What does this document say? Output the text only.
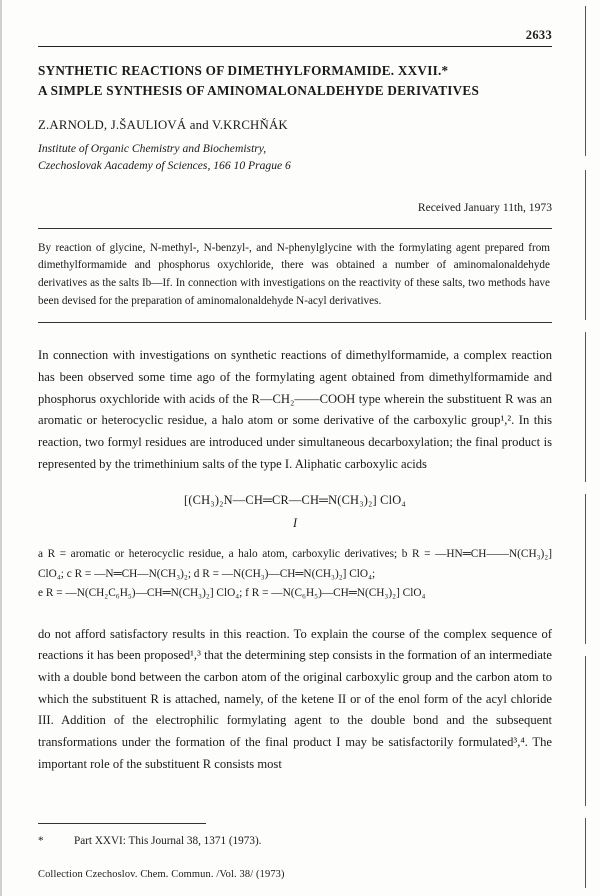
2633
SYNTHETIC REACTIONS OF DIMETHYLFORMAMIDE. XXVII.*
A SIMPLE SYNTHESIS OF AMINOMALONALDEHYDE DERIVATIVES
Z.ARNOLD, J.ŠAULIOVÁ and V.KRCHŇÁK
Institute of Organic Chemistry and Biochemistry,
Czechoslovak Aacademy of Sciences, 166 10 Prague 6
Received January 11th, 1973
By reaction of glycine, N-methyl-, N-benzyl-, and N-phenylglycine with the formylating agent prepared from dimethylformamide and phosphorus oxychloride, there was obtained a number of aminomalonaldehyde derivatives as the salts Ib—If. In connection with investigations on the reactivity of these salts, two methods have been devised for the preparation of aminomalonaldehyde N-acyl derivatives.

In connection with investigations on synthetic reactions of dimethylformamide, a complex reaction has been observed some time ago of the formylating agent obtained from dimethylformamide and phosphorus oxychloride with acids of the R—CH₂——COOH type wherein the substituent R was an aromatic or heterocyclic residue, a halo atom or some derivative of the carboxylic group¹,². In this reaction, two formyl residues are introduced under simultaneous decarboxylation; the final product is represented by the trimethinium salts of the type I. Aliphatic carboxylic acids

[(CH₃)₂N—CH═CR—CH═N(CH₃)₂] ClO₄
I
a R = aromatic or heterocyclic residue, a halo atom, carboxylic derivatives; b R = —HN═CH——N(CH₃)₂] ClO₄; c R = —N═CH—N(CH₃)₂; d R = —N(CH₃)—CH═N(CH₃)₂] ClO₄;
e R = —N(CH₂C₆H₅)—CH═N(CH₃)₂] ClO₄; f R = —N(C₆H₅)—CH═N(CH₃)₂] ClO₄

do not afford satisfactory results in this reaction. To explain the course of the complex sequence of reactions it has been proposed¹,³ that the determining step consists in the formation of an intermediate with a double bond between the carbon atom of the original carboxylic group and the carbon atom to which the substituent R is attached, namely, of the ketene II or of the enol form of the acyl chloride III. Addition of the electrophilic formylating agent to the double bond and the subsequent transformations under the formation of the final product I may be satisfactorily formulated³,⁴. The important role of the substituent R consists most

*	Part XXVI: This Journal 38, 1371 (1973).
Collection Czechoslov. Chem. Commun. /Vol. 38/ (1973)
